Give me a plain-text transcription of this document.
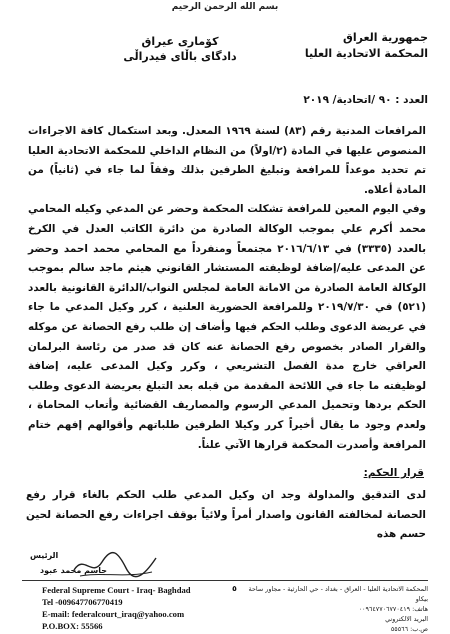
بسم الله الرحمن الرحيم
جمهورية العراق
المحكمة الاتحادية العليا
كۆماری عیراق
دادگای باڵای فیدراڵی
العدد : ٩٠ /اتحادية/ ٢٠١٩

المرافعات المدنية رقم (٨٣) لسنة ١٩٦٩ المعدل. وبعد استكمال كافة الاجراءات المنصوص عليها في المادة (٢/اولاً) من النظام الداخلي للمحكمة الاتحادية العليا تم تحديد موعداً للمرافعة وتبليغ الطرفين بذلك وفقاً لما جاء في (ثانياً) من المادة أعلاه.

وفي اليوم المعين للمرافعة تشكلت المحكمة وحضر عن المدعي وكيله المحامي محمد أكرم علي بموجب الوكالة الصادرة من دائرة الكاتب العدل في الكرخ بالعدد (٣٣٣٥) في ٢٠١٦/٦/١٣ مجتمعاً ومنفرداً مع المحامي محمد احمد وحضر عن المدعى عليه/إضافة لوظيفته المستشار القانوني هيثم ماجد سالم بموجب الوكالة العامة الصادرة من الامانة العامة لمجلس النواب/الدائرة القانونية بالعدد (٥٢١) في ٢٠١٩/٧/٣٠ وللمرافعة الحضورية العلنية ، كرر وكيل المدعي ما جاء في عريضة الدعوى وطلب الحكم فيها وأضاف إن طلب رفع الحصانة عن موكله والقرار الصادر بخصوص رفع الحصانة عنه كان قد صدر من رئاسة البرلمان العراقي خارج مدة الفصل التشريعي ، وكرر وكيل المدعى عليه، إضافة لوظيفته ما جاء في اللائحة المقدمة من قبله بعد التبلغ بعريضة الدعوى وطلب الحكم بردها وتحميل المدعي الرسوم والمصاريف القضائية وأتعاب المحاماة ، ولعدم وجود ما يقال أخيراً كرر وكيلا الطرفين طلباتهم وأقوالهم إفهم ختام المرافعة وأصدرت المحكمة قرارها الآتي علناً.

قرار الحكم:
لدى التدقيق والمداولة وجد ان وكيل المدعي طلب الحكم بالغاء قرار رفع الحصانة لمخالفته القانون واصدار أمراً ولائياً بوقف اجراءات رفع الحصانة لحين حسم هذه
الرئيس
جاسم محمد عبود
Federal Supreme Court - Iraq- Baghdad
Tel -009647706770419
E-mail: federalcourt_iraq@yahoo.com
P.O.BOX: 55566
٥	المحكمة الاتحادية العليا - العراق - بغداد - حي الحارثية - مجاور ساحة بيكاو
هاتف: ٠٠٩٦٤٧٧٠٦٧٧٠٤١٩
البريد الالكتروني
ص.ب: ٥٥٥٦٦
